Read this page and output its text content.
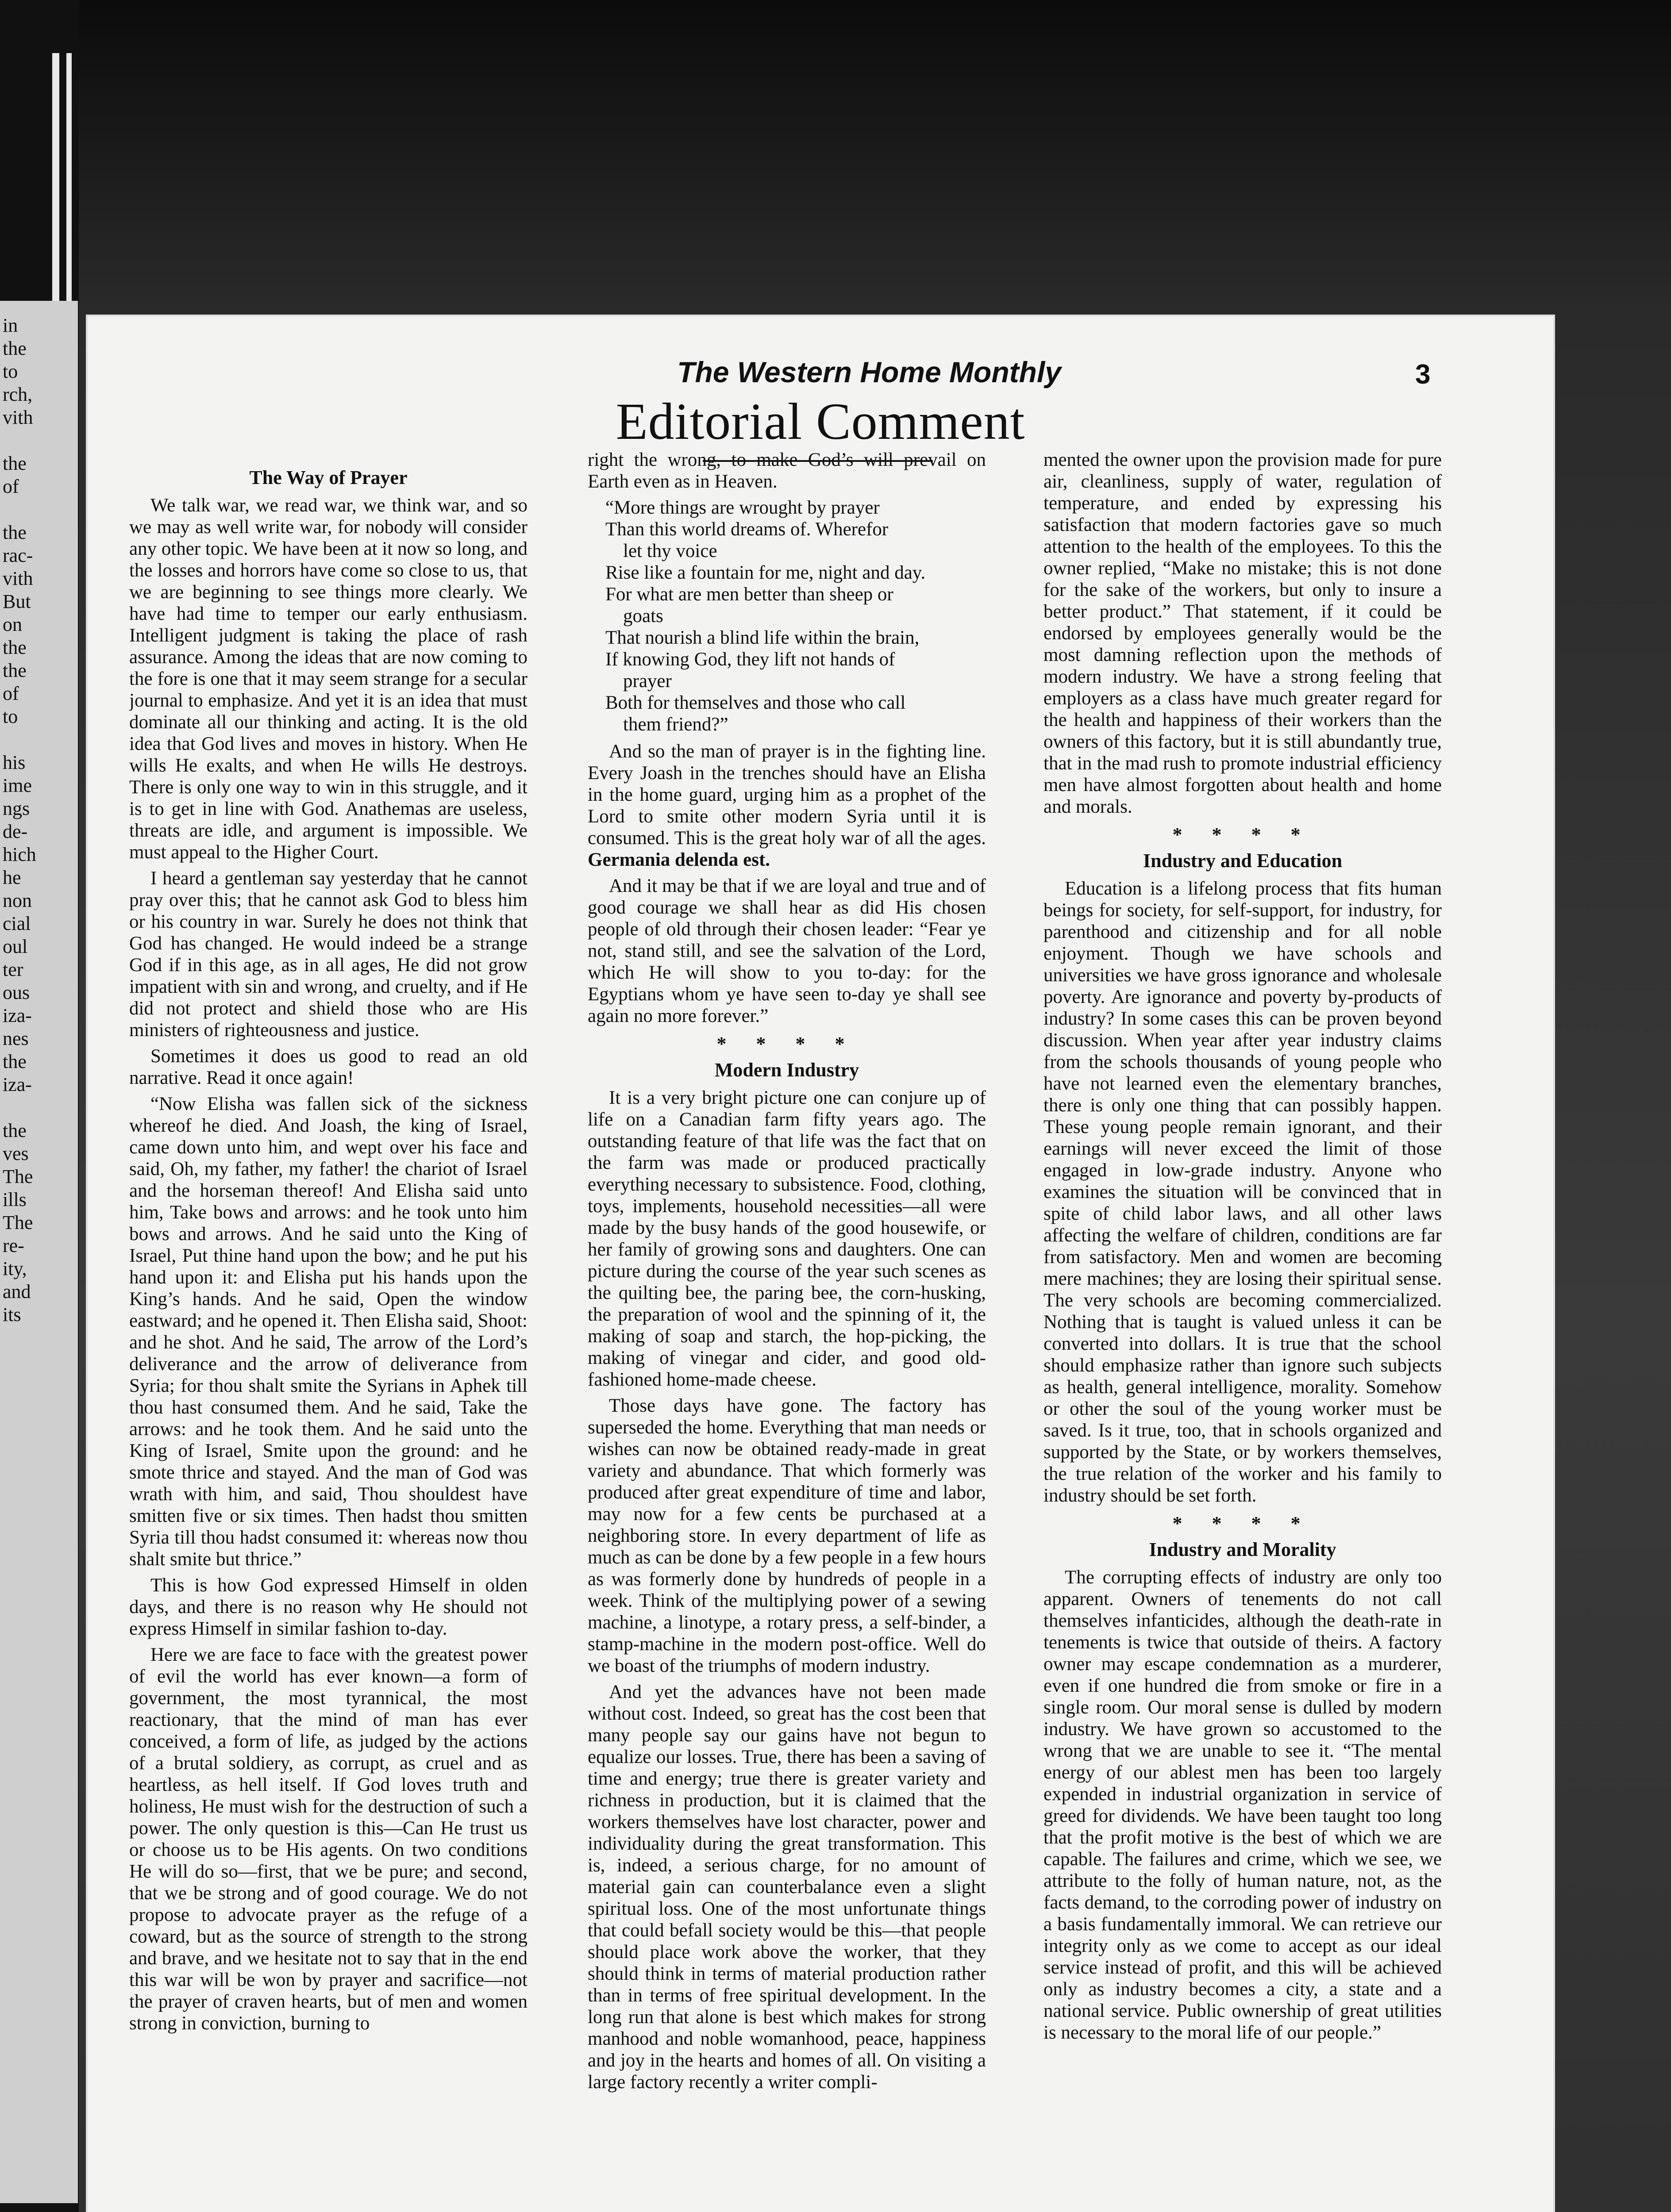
in
the
to
rch,
vith
the
of
the
rac-
vith
But
on
the
the
of
to
his
ime
ngs
de-
hich
he
non
cial
oul
ter
ous
iza-
nes
the
iza-
the
ves
The
ills
The
re-
ity,
and
its
The Western Home Monthly	3
Editorial Comment
The Way of Prayer

We talk war, we read war, we think war, and so we may as well write war, for nobody will consider any other topic. We have been at it now so long, and the losses and horrors have come so close to us, that we are beginning to see things more clearly. We have had time to temper our early enthusiasm. Intelligent judgment is taking the place of rash assurance. Among the ideas that are now coming to the fore is one that it may seem strange for a secular journal to emphasize. And yet it is an idea that must dominate all our thinking and acting. It is the old idea that God lives and moves in history. When He wills He exalts, and when He wills He destroys. There is only one way to win in this struggle, and it is to get in line with God. Anathemas are useless, threats are idle, and argument is impossible. We must appeal to the Higher Court.

I heard a gentleman say yesterday that he cannot pray over this; that he cannot ask God to bless him or his country in war. Surely he does not think that God has changed. He would indeed be a strange God if in this age, as in all ages, He did not grow impatient with sin and wrong, and cruelty, and if He did not protect and shield those who are His ministers of righteousness and justice.

Sometimes it does us good to read an old narrative. Read it once again!

“Now Elisha was fallen sick of the sickness whereof he died. And Joash, the king of Israel, came down unto him, and wept over his face and said, Oh, my father, my father! the chariot of Israel and the horseman thereof! And Elisha said unto him, Take bows and arrows: and he took unto him bows and arrows. And he said unto the King of Israel, Put thine hand upon the bow; and he put his hand upon it: and Elisha put his hands upon the King’s hands. And he said, Open the window eastward; and he opened it. Then Elisha said, Shoot: and he shot. And he said, The arrow of the Lord’s deliverance and the arrow of deliverance from Syria; for thou shalt smite the Syrians in Aphek till thou hast consumed them. And he said, Take the arrows: and he took them. And he said unto the King of Israel, Smite upon the ground: and he smote thrice and stayed. And the man of God was wrath with him, and said, Thou shouldest have smitten five or six times. Then hadst thou smitten Syria till thou hadst consumed it: whereas now thou shalt smite but thrice.”

This is how God expressed Himself in olden days, and there is no reason why He should not express Himself in similar fashion to-day.

Here we are face to face with the greatest power of evil the world has ever known—a form of government, the most tyrannical, the most reactionary, that the mind of man has ever conceived, a form of life, as judged by the actions of a brutal soldiery, as corrupt, as cruel and as heartless, as hell itself. If God loves truth and holiness, He must wish for the destruction of such a power. The only question is this—Can He trust us or choose us to be His agents. On two conditions He will do so—first, that we be pure; and second, that we be strong and of good courage. We do not propose to advocate prayer as the refuge of a coward, but as the source of strength to the strong and brave, and we hesitate not to say that in the end this war will be won by prayer and sacrifice—not the prayer of craven hearts, but of men and women strong in conviction, burning to

right the wrong, to make God’s will prevail on Earth even as in Heaven.

“More things are wrought by prayer
Than this world dreams of. Wherefor
let thy voice
Rise like a fountain for me, night and day.
For what are men better than sheep or
goats
That nourish a blind life within the brain,
If knowing God, they lift not hands of
prayer
Both for themselves and those who call
them friend?”

And so the man of prayer is in the fighting line. Every Joash in the trenches should have an Elisha in the home guard, urging him as a prophet of the Lord to smite other modern Syria until it is consumed. This is the great holy war of all the ages. Germania delenda est.

And it may be that if we are loyal and true and of good courage we shall hear as did His chosen people of old through their chosen leader: “Fear ye not, stand still, and see the salvation of the Lord, which He will show to you to-day: for the Egyptians whom ye have seen to-day ye shall see again no more forever.”

* * * *
Modern Industry

It is a very bright picture one can conjure up of life on a Canadian farm fifty years ago. The outstanding feature of that life was the fact that on the farm was made or produced practically everything necessary to subsistence. Food, clothing, toys, implements, household necessities—all were made by the busy hands of the good housewife, or her family of growing sons and daughters. One can picture during the course of the year such scenes as the quilting bee, the paring bee, the corn-husking, the preparation of wool and the spinning of it, the making of soap and starch, the hop-picking, the making of vinegar and cider, and good old-fashioned home-made cheese.

Those days have gone. The factory has superseded the home. Everything that man needs or wishes can now be obtained ready-made in great variety and abundance. That which formerly was produced after great expenditure of time and labor, may now for a few cents be purchased at a neighboring store. In every department of life as much as can be done by a few people in a few hours as was formerly done by hundreds of people in a week. Think of the multiplying power of a sewing machine, a linotype, a rotary press, a self-binder, a stamp-machine in the modern post-office. Well do we boast of the triumphs of modern industry.

And yet the advances have not been made without cost. Indeed, so great has the cost been that many people say our gains have not begun to equalize our losses. True, there has been a saving of time and energy; true there is greater variety and richness in production, but it is claimed that the workers themselves have lost character, power and individuality during the great transformation. This is, indeed, a serious charge, for no amount of material gain can counterbalance even a slight spiritual loss. One of the most unfortunate things that could befall society would be this—that people should place work above the worker, that they should think in terms of material production rather than in terms of free spiritual development. In the long run that alone is best which makes for strong manhood and noble womanhood, peace, happiness and joy in the hearts and homes of all. On visiting a large factory recently a writer compli-

mented the owner upon the provision made for pure air, cleanliness, supply of water, regulation of temperature, and ended by expressing his satisfaction that modern factories gave so much attention to the health of the employees. To this the owner replied, “Make no mistake; this is not done for the sake of the workers, but only to insure a better product.” That statement, if it could be endorsed by employees generally would be the most damning reflection upon the methods of modern industry. We have a strong feeling that employers as a class have much greater regard for the health and happiness of their workers than the owners of this factory, but it is still abundantly true, that in the mad rush to promote industrial efficiency men have almost forgotten about health and home and morals.

* * * *
Industry and Education

Education is a lifelong process that fits human beings for society, for self-support, for industry, for parenthood and citizenship and for all noble enjoyment. Though we have schools and universities we have gross ignorance and wholesale poverty. Are ignorance and poverty by-products of industry? In some cases this can be proven beyond discussion. When year after year industry claims from the schools thousands of young people who have not learned even the elementary branches, there is only one thing that can possibly happen. These young people remain ignorant, and their earnings will never exceed the limit of those engaged in low-grade industry. Anyone who examines the situation will be convinced that in spite of child labor laws, and all other laws affecting the welfare of children, conditions are far from satisfactory. Men and women are becoming mere machines; they are losing their spiritual sense. The very schools are becoming commercialized. Nothing that is taught is valued unless it can be converted into dollars. It is true that the school should emphasize rather than ignore such subjects as health, general intelligence, morality. Somehow or other the soul of the young worker must be saved. Is it true, too, that in schools organized and supported by the State, or by workers themselves, the true relation of the worker and his family to industry should be set forth.

* * * *
Industry and Morality

The corrupting effects of industry are only too apparent. Owners of tenements do not call themselves infanticides, although the death-rate in tenements is twice that outside of theirs. A factory owner may escape condemnation as a murderer, even if one hundred die from smoke or fire in a single room. Our moral sense is dulled by modern industry. We have grown so accustomed to the wrong that we are unable to see it. “The mental energy of our ablest men has been too largely expended in industrial organization in service of greed for dividends. We have been taught too long that the profit motive is the best of which we are capable. The failures and crime, which we see, we attribute to the folly of human nature, not, as the facts demand, to the corroding power of industry on a basis fundamentally immoral. We can retrieve our integrity only as we come to accept as our ideal service instead of profit, and this will be achieved only as industry becomes a city, a state and a national service. Public ownership of great utilities is necessary to the moral life of our people.”
